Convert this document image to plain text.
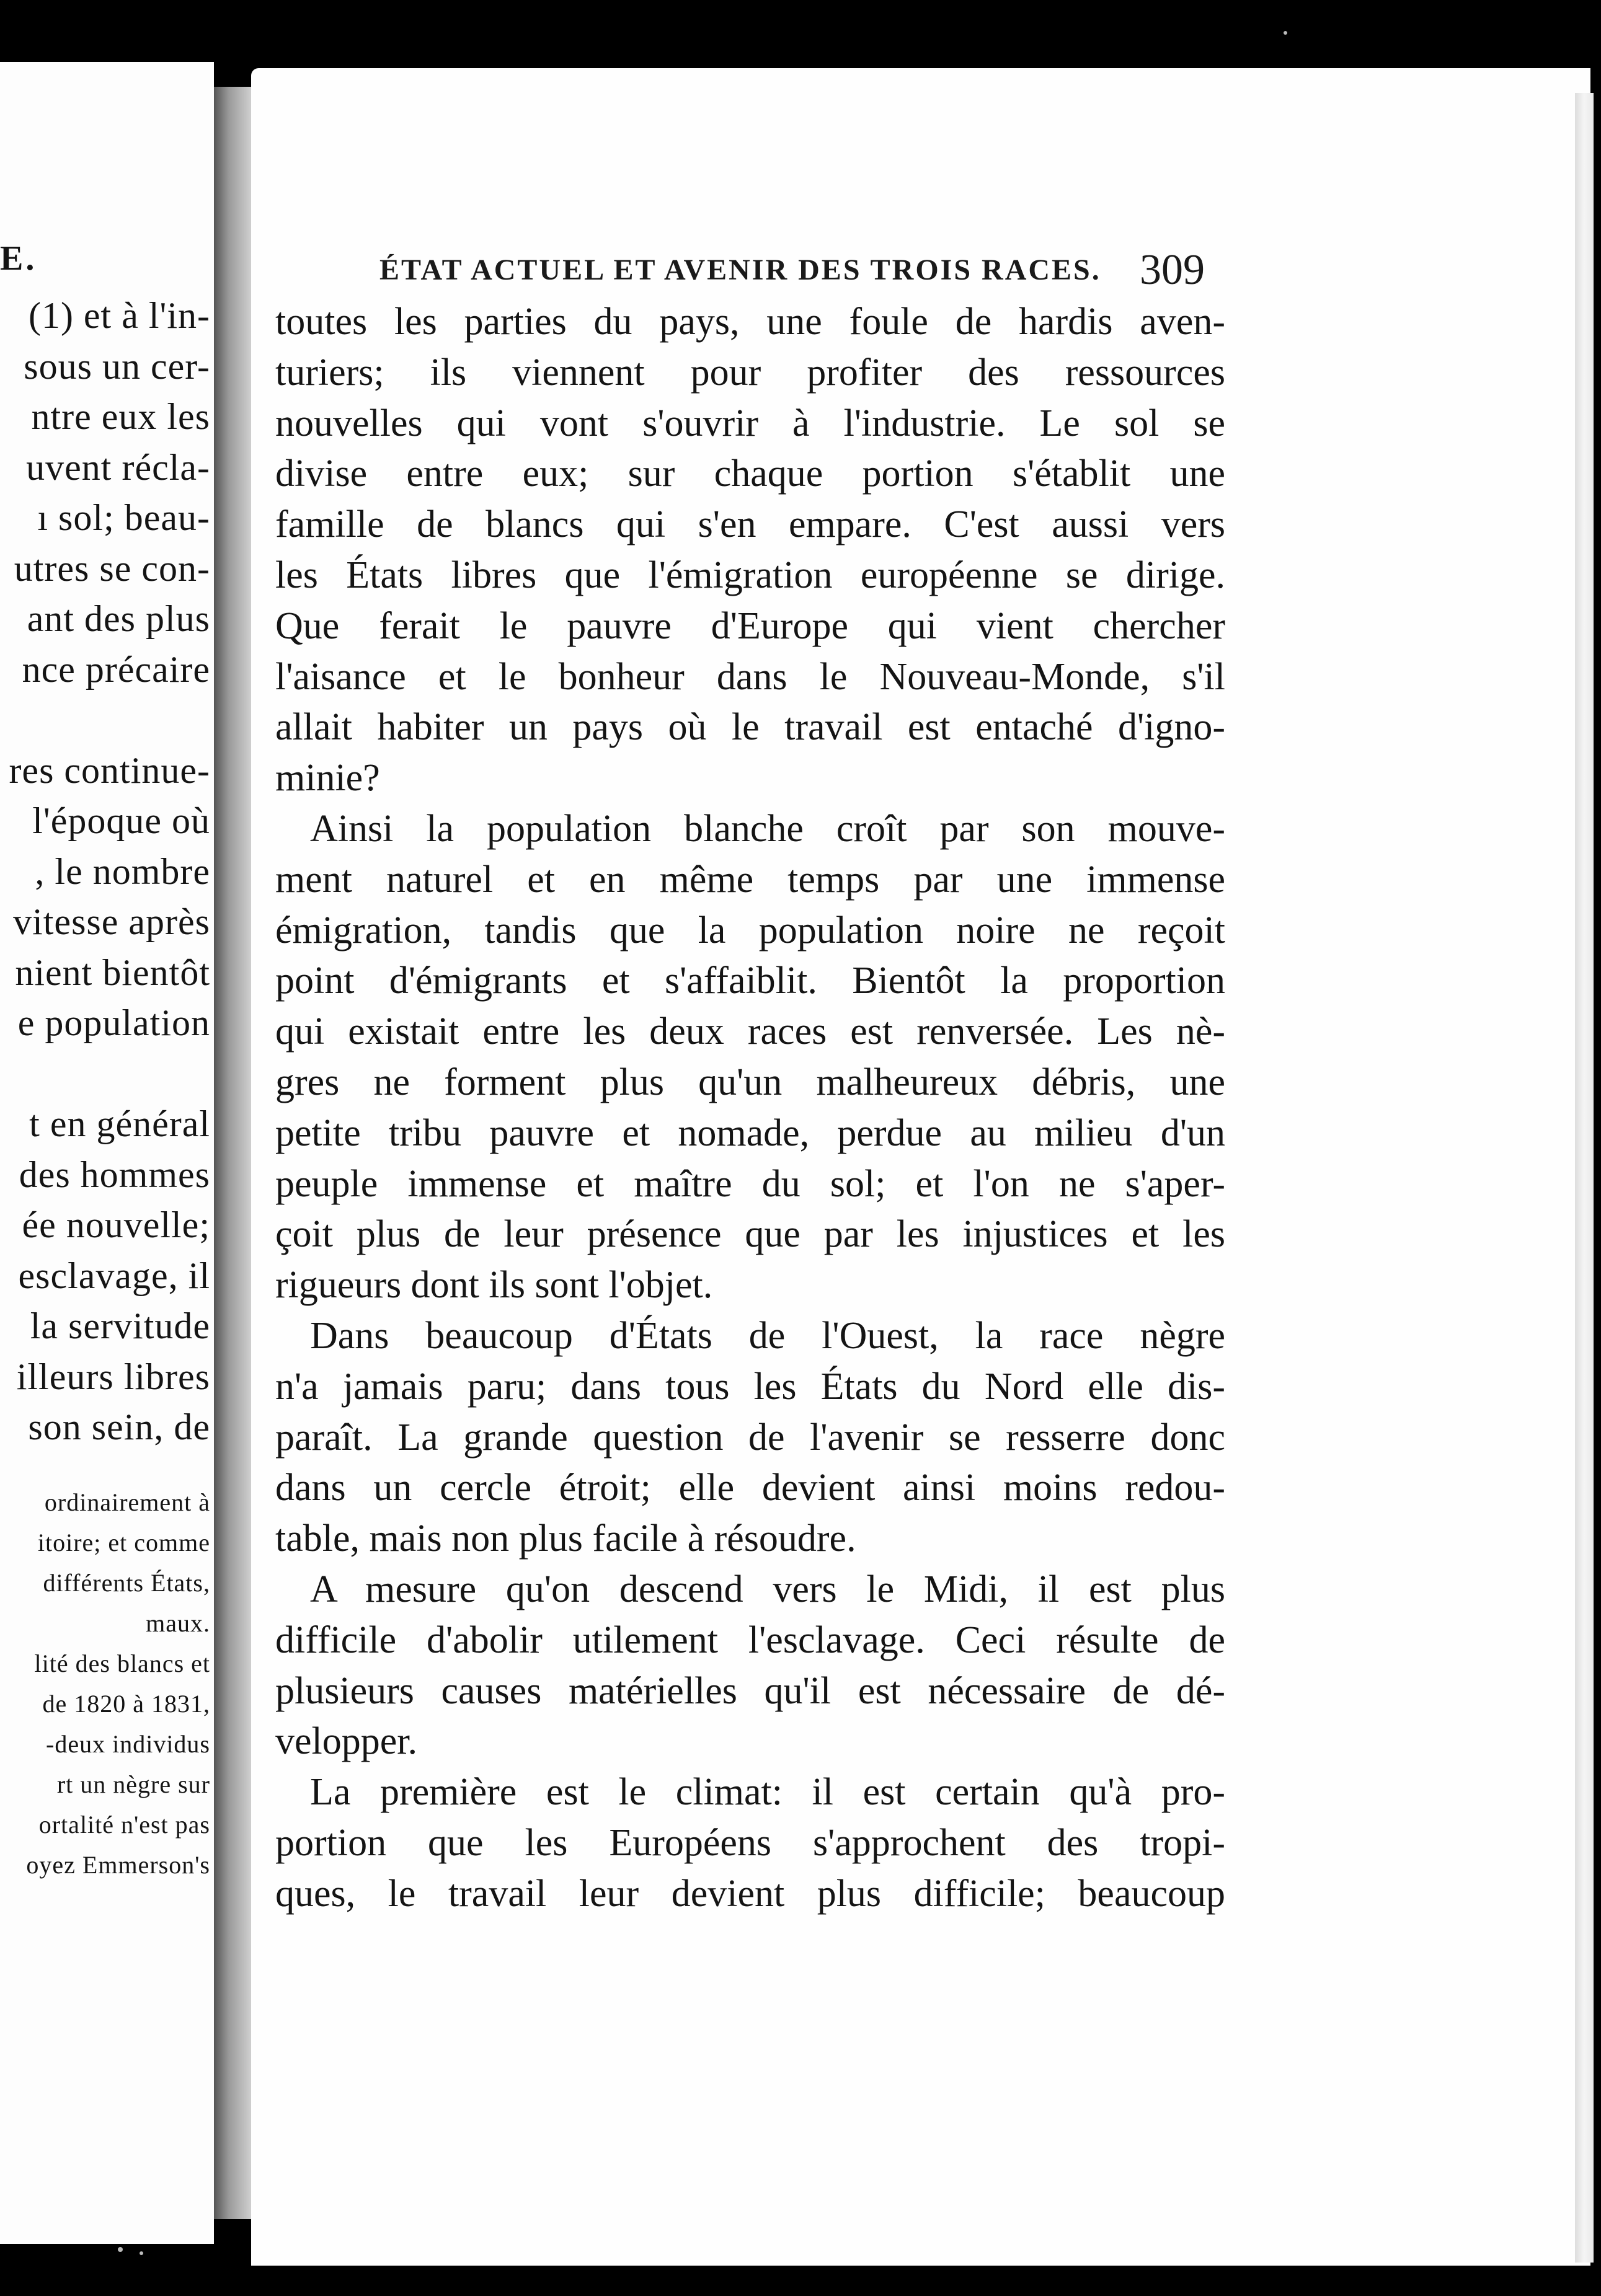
(1) et à l'in-
sous un cer-
ntre eux les
uvent récla-
ı sol; beau-
utres se con-
ant des plus
nce précaire
res continue-
l'époque où
, le nombre
vitesse après
nient bientôt
e population
t en général
des hommes
ée nouvelle;
esclavage, il
la servitude
illeurs libres
son sein, de
ordinairement à
itoire; et comme
différents États,
maux.
lité des blancs et
de 1820 à 1831,
-deux individus
rt un nègre sur
ortalité n'est pas
oyez Emmerson's
E.	ÉTAT ACTUEL ET AVENIR DES TROIS RACES. 309
toutes les parties du pays, une foule de hardis aven-
turiers; ils viennent pour profiter des ressources
nouvelles qui vont s'ouvrir à l'industrie. Le sol se
divise entre eux; sur chaque portion s'établit une
famille de blancs qui s'en empare. C'est aussi vers
les États libres que l'émigration européenne se dirige.
Que ferait le pauvre d'Europe qui vient chercher
l'aisance et le bonheur dans le Nouveau-Monde, s'il
allait habiter un pays où le travail est entaché d'igno-
minie?
Ainsi la population blanche croît par son mouve-
ment naturel et en même temps par une immense
émigration, tandis que la population noire ne reçoit
point d'émigrants et s'affaiblit. Bientôt la proportion
qui existait entre les deux races est renversée. Les nè-
gres ne forment plus qu'un malheureux débris, une
petite tribu pauvre et nomade, perdue au milieu d'un
peuple immense et maître du sol; et l'on ne s'aper-
çoit plus de leur présence que par les injustices et les
rigueurs dont ils sont l'objet.
Dans beaucoup d'États de l'Ouest, la race nègre
n'a jamais paru; dans tous les États du Nord elle dis-
paraît. La grande question de l'avenir se resserre donc
dans un cercle étroit; elle devient ainsi moins redou-
table, mais non plus facile à résoudre.
A mesure qu'on descend vers le Midi, il est plus
difficile d'abolir utilement l'esclavage. Ceci résulte de
plusieurs causes matérielles qu'il est nécessaire de dé-
velopper.
La première est le climat: il est certain qu'à pro-
portion que les Européens s'approchent des tropi-
ques, le travail leur devient plus difficile; beaucoup
